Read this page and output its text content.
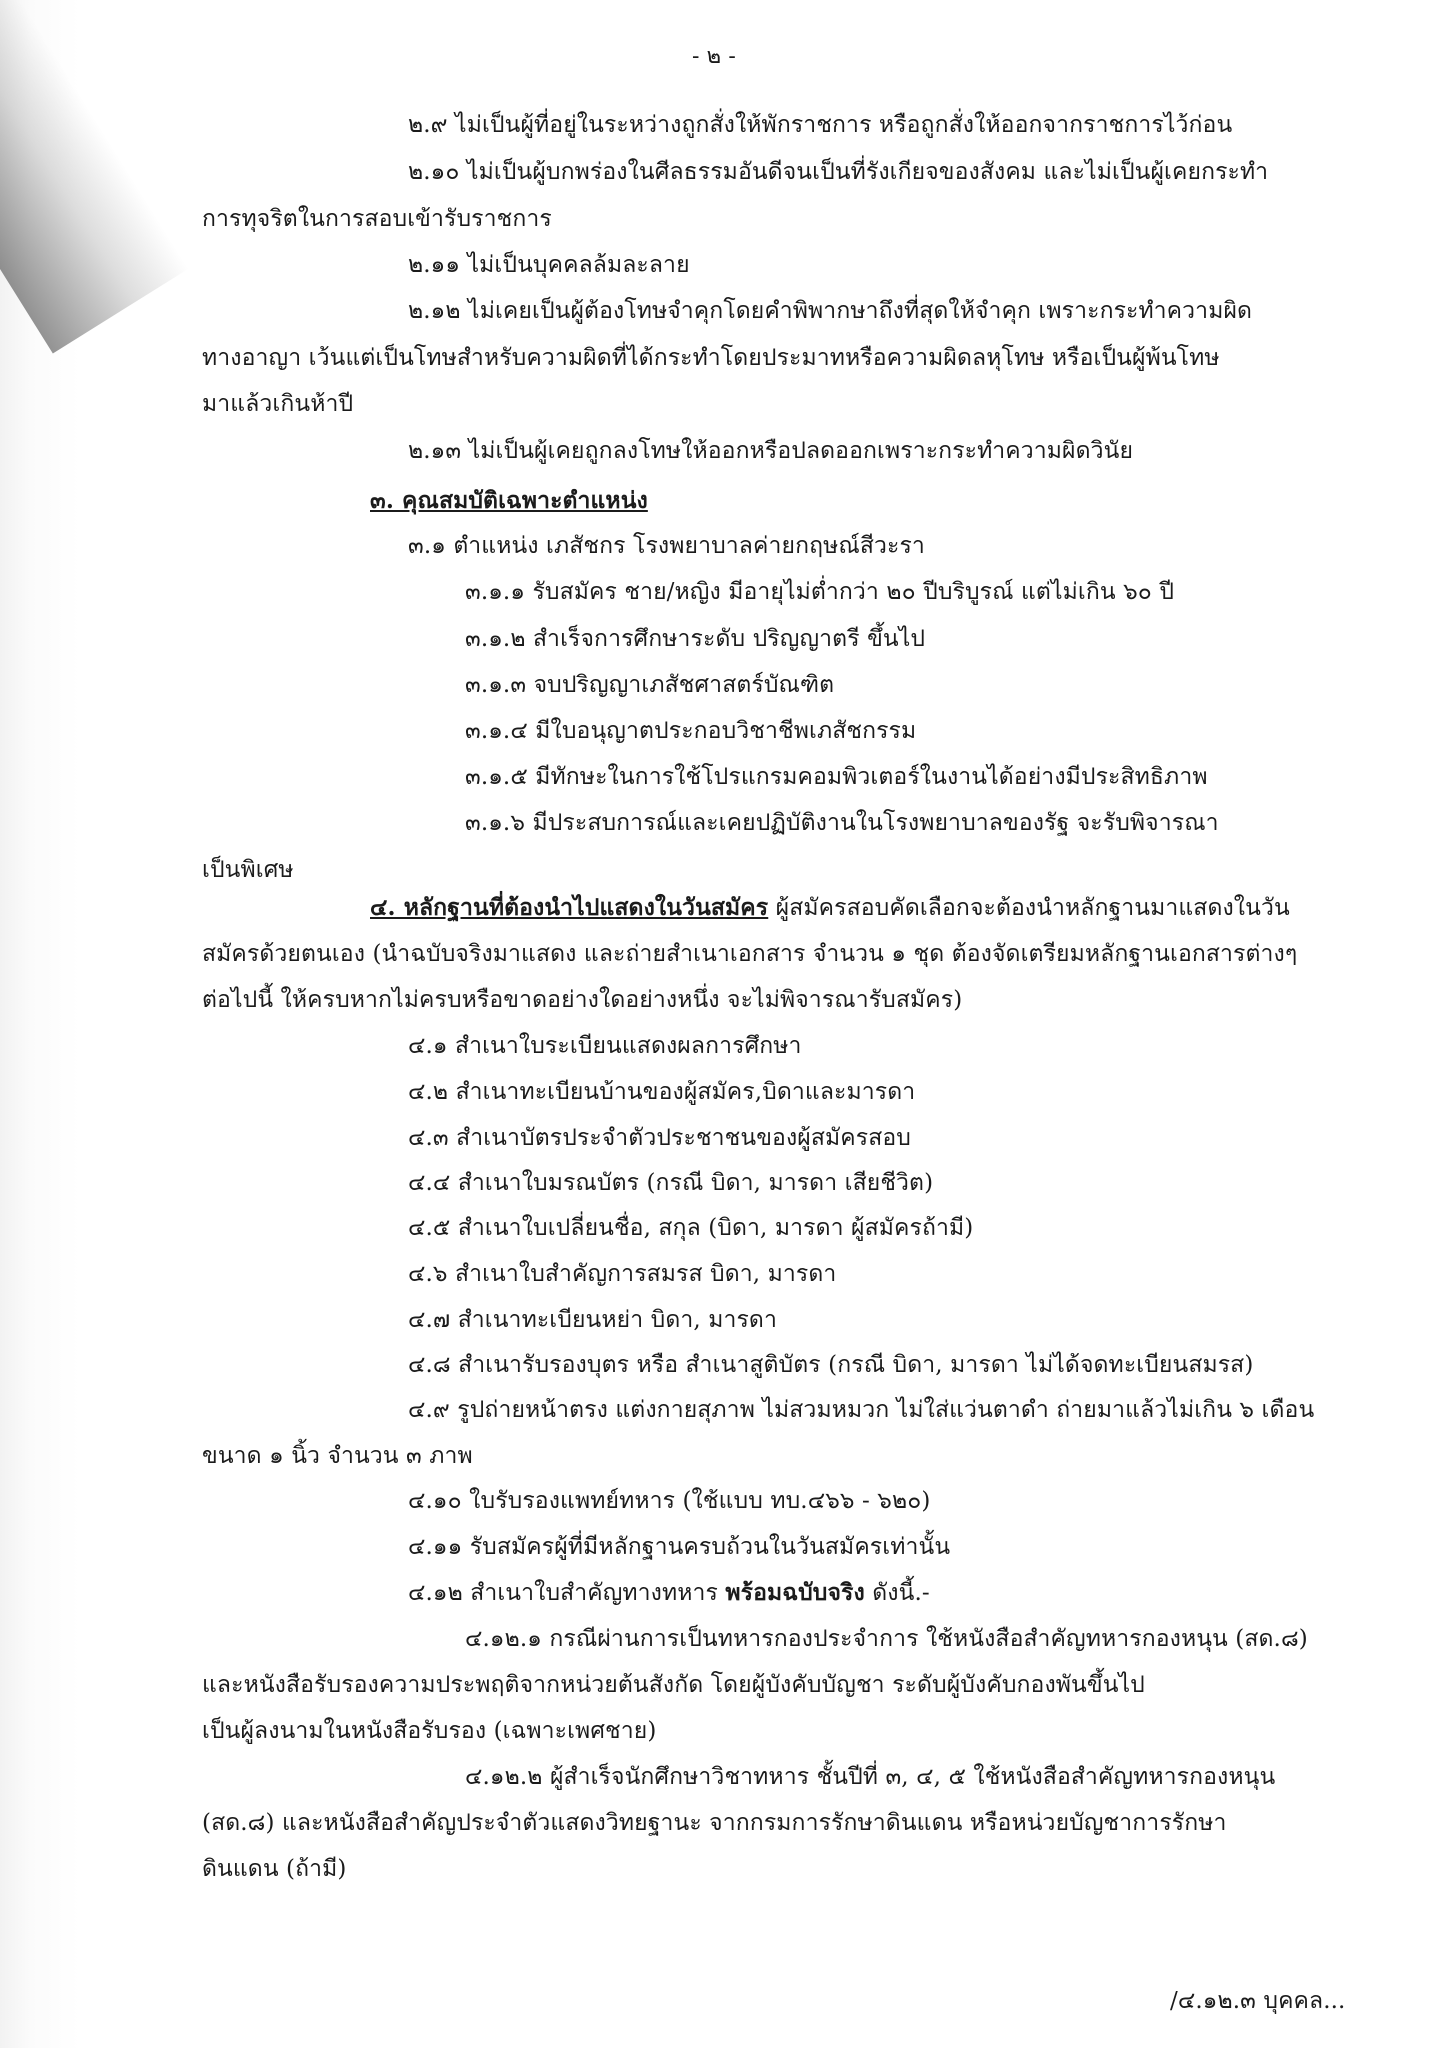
- ๒ -
๒.๙ ไม่เป็นผู้ที่อยู่ในระหว่างถูกสั่งให้พักราชการ หรือถูกสั่งให้ออกจากราชการไว้ก่อน
๒.๑๐ ไม่เป็นผู้บกพร่องในศีลธรรมอันดีจนเป็นที่รังเกียจของสังคม และไม่เป็นผู้เคยกระทำ
การทุจริตในการสอบเข้ารับราชการ
๒.๑๑ ไม่เป็นบุคคลล้มละลาย
๒.๑๒ ไม่เคยเป็นผู้ต้องโทษจำคุกโดยคำพิพากษาถึงที่สุดให้จำคุก เพราะกระทำความผิด
ทางอาญา เว้นแต่เป็นโทษสำหรับความผิดที่ได้กระทำโดยประมาทหรือความผิดลหุโทษ หรือเป็นผู้พ้นโทษ
มาแล้วเกินห้าปี
๒.๑๓ ไม่เป็นผู้เคยถูกลงโทษให้ออกหรือปลดออกเพราะกระทำความผิดวินัย
๓. คุณสมบัติเฉพาะตำแหน่ง
๓.๑ ตำแหน่ง เภสัชกร โรงพยาบาลค่ายกฤษณ์สีวะรา
๓.๑.๑ รับสมัคร ชาย/หญิง มีอายุไม่ต่ำกว่า ๒๐ ปีบริบูรณ์ แต่ไม่เกิน ๖๐ ปี
๓.๑.๒ สำเร็จการศึกษาระดับ ปริญญาตรี ขึ้นไป
๓.๑.๓ จบปริญญาเภสัชศาสตร์บัณฑิต
๓.๑.๔ มีใบอนุญาตประกอบวิชาชีพเภสัชกรรม
๓.๑.๕ มีทักษะในการใช้โปรแกรมคอมพิวเตอร์ในงานได้อย่างมีประสิทธิภาพ
๓.๑.๖ มีประสบการณ์และเคยปฏิบัติงานในโรงพยาบาลของรัฐ จะรับพิจารณา
เป็นพิเศษ
๔. หลักฐานที่ต้องนำไปแสดงในวันสมัคร ผู้สมัครสอบคัดเลือกจะต้องนำหลักฐานมาแสดงในวัน
สมัครด้วยตนเอง (นำฉบับจริงมาแสดง และถ่ายสำเนาเอกสาร จำนวน ๑ ชุด ต้องจัดเตรียมหลักฐานเอกสารต่างๆ
ต่อไปนี้ ให้ครบหากไม่ครบหรือขาดอย่างใดอย่างหนึ่ง จะไม่พิจารณารับสมัคร)
๔.๑ สำเนาใบระเบียนแสดงผลการศึกษา
๔.๒ สำเนาทะเบียนบ้านของผู้สมัคร,บิดาและมารดา
๔.๓ สำเนาบัตรประจำตัวประชาชนของผู้สมัครสอบ
๔.๔ สำเนาใบมรณบัตร (กรณี บิดา, มารดา เสียชีวิต)
๔.๕ สำเนาใบเปลี่ยนชื่อ, สกุล (บิดา, มารดา ผู้สมัครถ้ามี)
๔.๖ สำเนาใบสำคัญการสมรส บิดา, มารดา
๔.๗ สำเนาทะเบียนหย่า บิดา, มารดา
๔.๘ สำเนารับรองบุตร หรือ สำเนาสูติบัตร (กรณี บิดา, มารดา ไม่ได้จดทะเบียนสมรส)
๔.๙ รูปถ่ายหน้าตรง แต่งกายสุภาพ ไม่สวมหมวก ไม่ใส่แว่นตาดำ ถ่ายมาแล้วไม่เกิน ๖ เดือน
ขนาด ๑ นิ้ว จำนวน ๓ ภาพ
๔.๑๐ ใบรับรองแพทย์ทหาร (ใช้แบบ ทบ.๔๖๖ - ๖๒๐)
๔.๑๑ รับสมัครผู้ที่มีหลักฐานครบถ้วนในวันสมัครเท่านั้น
๔.๑๒ สำเนาใบสำคัญทางทหาร พร้อมฉบับจริง ดังนี้.-
๔.๑๒.๑ กรณีผ่านการเป็นทหารกองประจำการ ใช้หนังสือสำคัญทหารกองหนุน (สด.๘)
และหนังสือรับรองความประพฤติจากหน่วยต้นสังกัด โดยผู้บังคับบัญชา ระดับผู้บังคับกองพันขึ้นไป
เป็นผู้ลงนามในหนังสือรับรอง (เฉพาะเพศชาย)
๔.๑๒.๒ ผู้สำเร็จนักศึกษาวิชาทหาร ชั้นปีที่ ๓, ๔, ๕ ใช้หนังสือสำคัญทหารกองหนุน
(สด.๘) และหนังสือสำคัญประจำตัวแสดงวิทยฐานะ จากกรมการรักษาดินแดน หรือหน่วยบัญชาการรักษา
ดินแดน (ถ้ามี)
/๔.๑๒.๓ บุคคล...
